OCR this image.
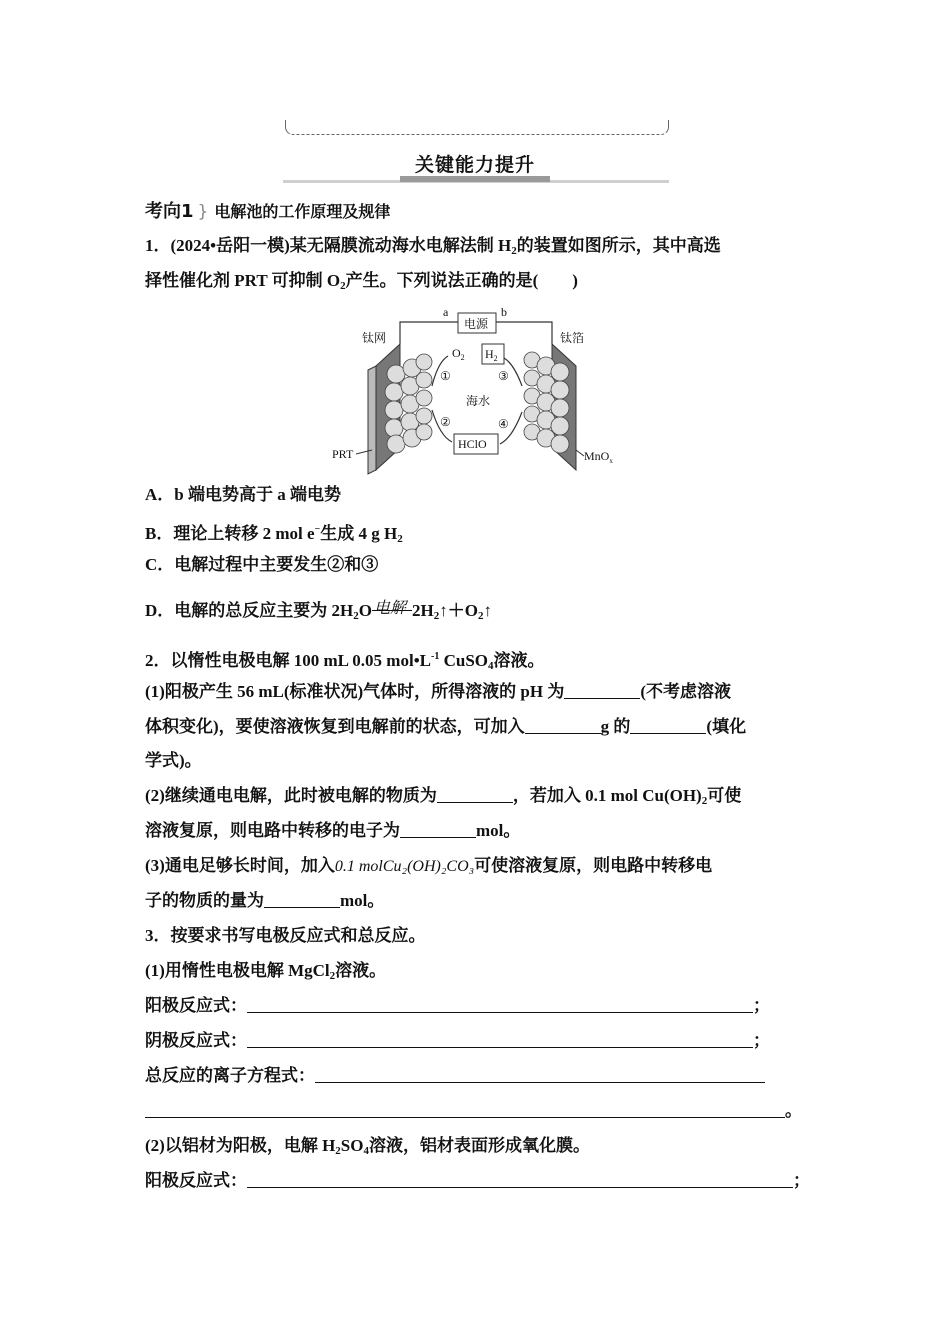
关键能力提升
考向1 } 电解池的工作原理及规律
1．(2024•岳阳一模)某无隔膜流动海水电解法制 $H_2$的装置如图所示，其中高选
择性催化剂 PRT 可抑制 $O_2$产生。下列说法正确的是(　　)
a	b
电源
钛网	钛箔
$O_2$ $H_2$
海水
HClO
①
②
③
④
PRT	MnO$_x$
A．b 端电势高于 a 端电势
B．理论上转移 2 mol e−生成 4 g $H_2$
C．电解过程中主要发生②和③
D．电解的总反应主要为 $2H_2O$ 电解 $2H_2↑+O_2↑$
2．以惰性电极电解 100 mL 0.05 $mol•L^{-1}$ CuSO$_4$溶液。
(1)阳极产生 56 mL(标准状况)气体时，所得溶液的 pH 为	(不考虑溶液
体积变化)，要使溶液恢复到电解前的状态，可加入	g 的	(填化
学式)。
(2)继续通电电解，此时被电解的物质为	，若加入 0.1 mol $Cu(OH)_2$可使
溶液复原，则电路中转移的电子为	mol。
(3)通电足够长时间，加入0.1 molCu₂(OH)₂CO₃可使溶液复原，则电路中转移电
子的物质的量为	mol。
3．按要求书写电极反应式和总反应。
(1)用惰性电极电解 MgCl$_2$溶液。
阳极反应式：	；
阴极反应式：	；
总反应的离子方程式：
。
(2)以铝材为阳极，电解 $H_2SO_4$溶液，铝材表面形成氧化膜。
阳极反应式：	；
